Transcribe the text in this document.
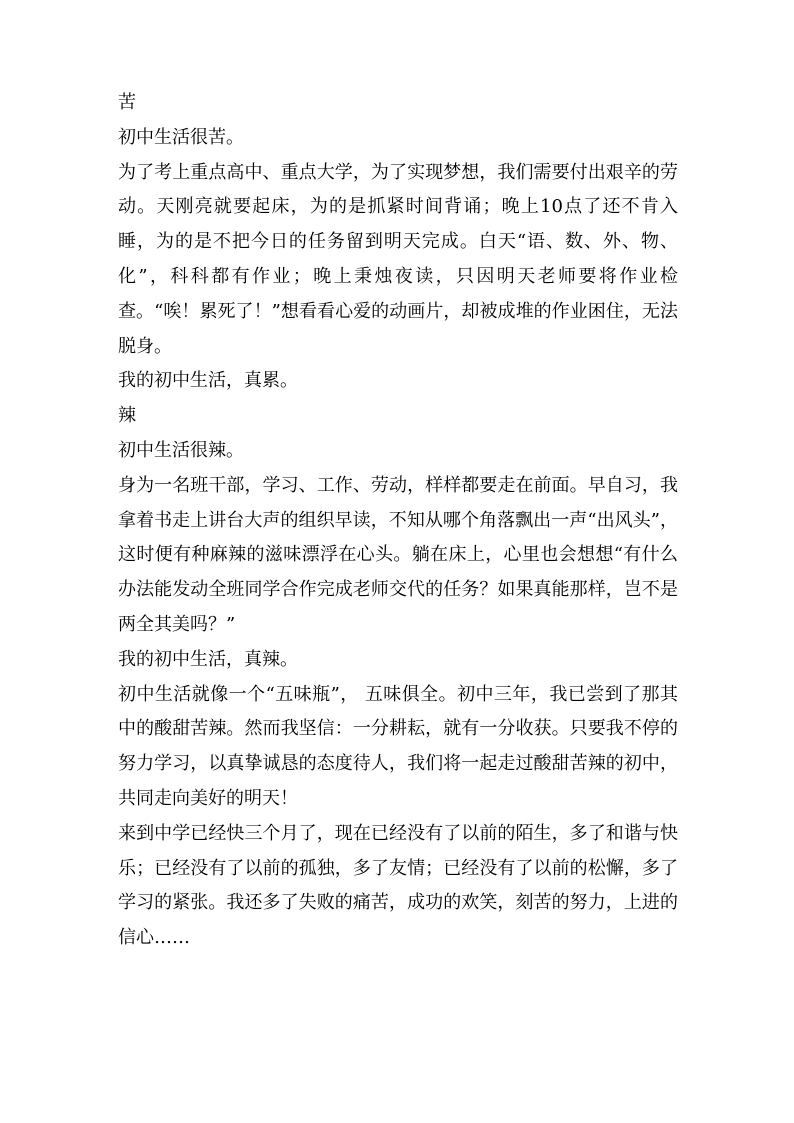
苦

初中生活很苦。

为了考上重点高中、重点大学，为了实现梦想，我们需要付出艰辛的劳动。天刚亮就要起床，为的是抓紧时间背诵；晚上10点了还不肯入睡，为的是不把今日的任务留到明天完成。白天“语、数、外、物、化”，科科都有作业；晚上秉烛夜读，只因明天老师要将作业检查。“唉！累死了！”想看看心爱的动画片，却被成堆的作业困住，无法脱身。

我的初中生活，真累。

辣

初中生活很辣。

身为一名班干部，学习、工作、劳动，样样都要走在前面。早自习，我拿着书走上讲台大声的组织早读，不知从哪个角落飘出一声“出风头”，这时便有种麻辣的滋味漂浮在心头。躺在床上，心里也会想想“有什么办法能发动全班同学合作完成老师交代的任务？如果真能那样，岂不是两全其美吗？”

我的初中生活，真辣。

初中生活就像一个“五味瓶”， 五味俱全。初中三年，我已尝到了那其中的酸甜苦辣。然而我坚信：一分耕耘，就有一分收获。只要我不停的努力学习，以真挚诚恳的态度待人，我们将一起走过酸甜苦辣的初中，共同走向美好的明天！

来到中学已经快三个月了，现在已经没有了以前的陌生，多了和谐与快乐；已经没有了以前的孤独，多了友情；已经没有了以前的松懈，多了学习的紧张。我还多了失败的痛苦，成功的欢笑，刻苦的努力，上进的信心……
